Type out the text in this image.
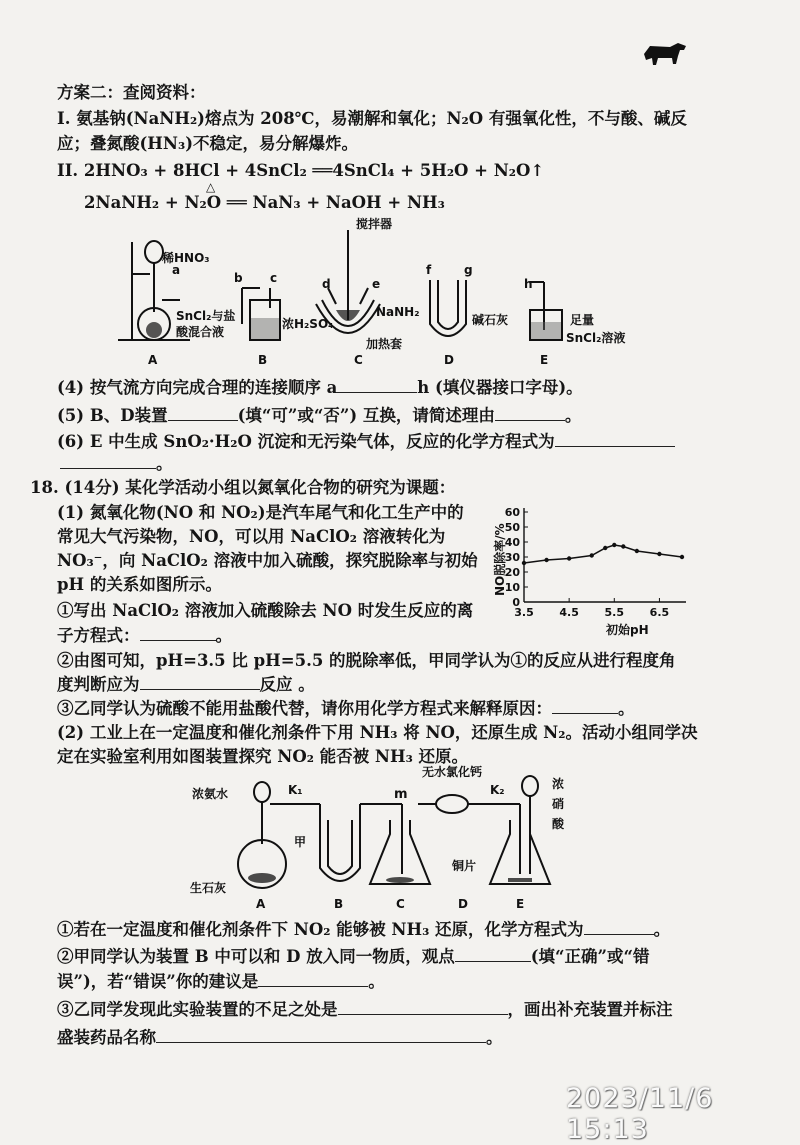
方案二：查阅资料：
I. 氨基钠(NaNH₂)熔点为 208℃，易潮解和氧化；N₂O 有强氧化性，不与酸、碱反
应；叠氮酸(HN₃)不稳定，易分解爆炸。
II. 2HNO₃ + 8HCl + 4SnCl₂ ══4SnCl₄ + 5H₂O + N₂O↑
2NaNH₂ + N₂O ══ NaN₃ + NaOH + NH₃
△
稀HNO₃
a
SnCl₂与盐
酸混合液
b c
浓H₂SO₄
搅拌器
d	e
NaNH₂
加热套
f	g
碱石灰
h
足量
SnCl₂溶液
A	B	C	D	E
(4) 按气流方向完成合理的连接顺序 a	h (填仪器接口字母)。
(5) B、D装置	(填“可”或“否”) 互换，请简述理由	。
(6) E 中生成 SnO₂·H₂O 沉淀和无污染气体，反应的化学方程式为
。
18. (14分) 某化学活动小组以氮氧化合物的研究为课题：
(1) 氮氧化物(NO 和 NO₂)是汽车尾气和化工生产中的
常见大气污染物，NO，可以用 NaClO₂ 溶液转化为
NO₃⁻，向 NaClO₂ 溶液中加入硫酸，探究脱除率与初始
pH 的关系如图所示。
①写出 NaClO₂ 溶液加入硫酸除去 NO 时发生反应的离
子方程式：	。
0
10
20
30
40
50
60
3.5 4.5 5.5 6.5
NO脱除率/%
初始pH
②由图可知，pH=3.5 比 pH=5.5 的脱除率低，甲同学认为①的反应从进行程度角
度判断应为	反应 。
③乙同学认为硫酸不能用盐酸代替，请你用化学方程式来解释原因：	。
(2) 工业上在一定温度和催化剂条件下用 NH₃ 将 NO，还原生成 N₂。活动小组同学决
定在实验室利用如图装置探究 NO₂ 能否被 NH₃ 还原。
浓氨水
生石灰
K₁
甲
m
无水氯化钙
K₂	浓
硝
酸
铜片
A	B	C	D	E
①若在一定温度和催化剂条件下 NO₂ 能够被 NH₃ 还原，化学方程式为	。
②甲同学认为装置 B 中可以和 D 放入同一物质，观点	(填“正确”或“错
误”)，若“错误”你的建议是	。
③乙同学发现此实验装置的不足之处是	，画出补充装置并标注
盛装药品名称	。
2023/11/6 15:13
